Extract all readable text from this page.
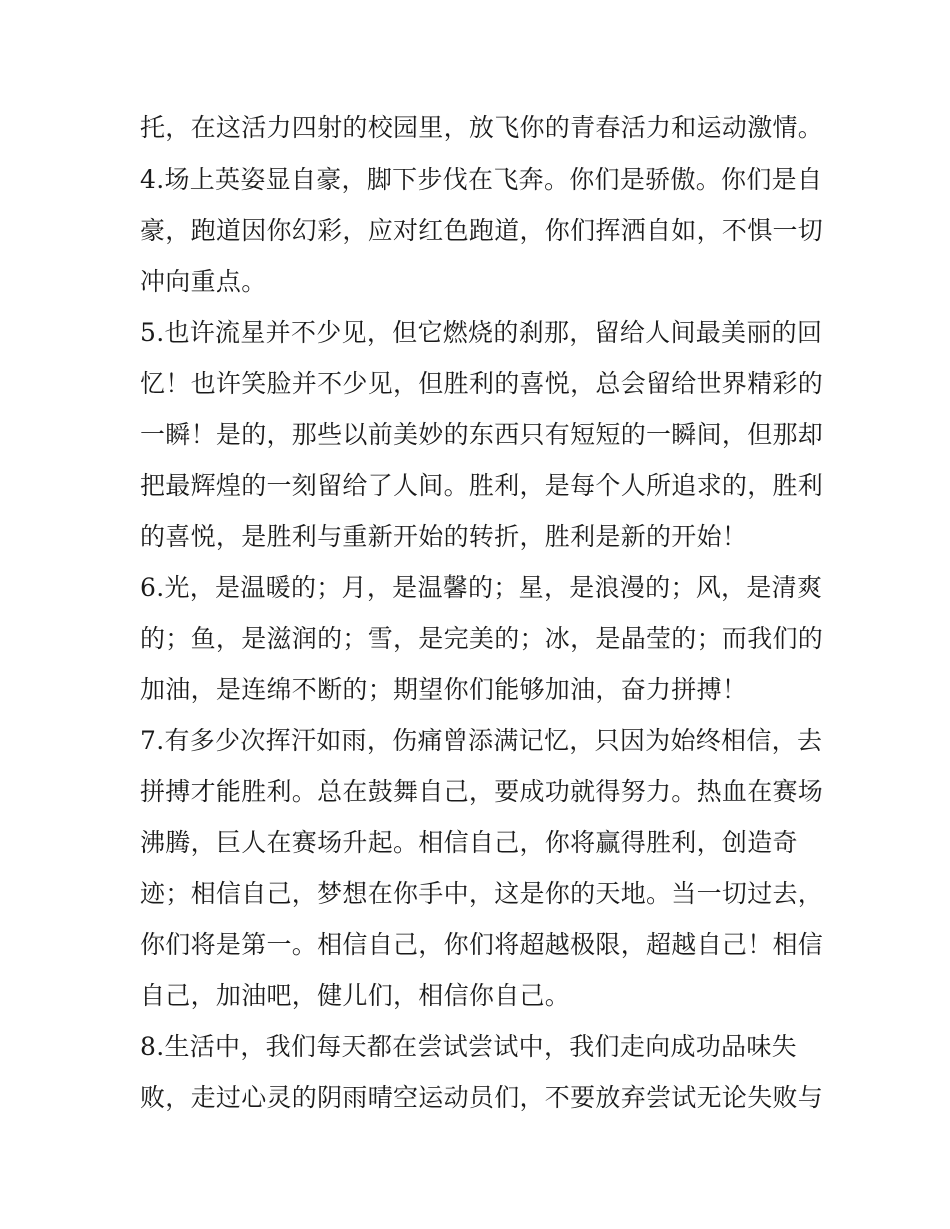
托，在这活力四射的校园里，放飞你的青春活力和运动激情。
4.场上英姿显自豪，脚下步伐在飞奔。你们是骄傲。你们是自
豪，跑道因你幻彩，应对红色跑道，你们挥洒自如，不惧一切
冲向重点。
5.也许流星并不少见，但它燃烧的刹那，留给人间最美丽的回
忆！也许笑脸并不少见，但胜利的喜悦，总会留给世界精彩的
一瞬！是的，那些以前美妙的东西只有短短的一瞬间，但那却
把最辉煌的一刻留给了人间。胜利，是每个人所追求的，胜利
的喜悦，是胜利与重新开始的转折，胜利是新的开始！
6.光，是温暖的；月，是温馨的；星，是浪漫的；风，是清爽
的；鱼，是滋润的；雪，是完美的；冰，是晶莹的；而我们的
加油，是连绵不断的；期望你们能够加油，奋力拼搏！
7.有多少次挥汗如雨，伤痛曾添满记忆，只因为始终相信，去
拼搏才能胜利。总在鼓舞自己，要成功就得努力。热血在赛场
沸腾，巨人在赛场升起。相信自己，你将赢得胜利，创造奇
迹；相信自己，梦想在你手中，这是你的天地。当一切过去，
你们将是第一。相信自己，你们将超越极限，超越自己！相信
自己，加油吧，健儿们，相信你自己。
8.生活中，我们每天都在尝试尝试中，我们走向成功品味失
败，走过心灵的阴雨晴空运动员们，不要放弃尝试无论失败与
